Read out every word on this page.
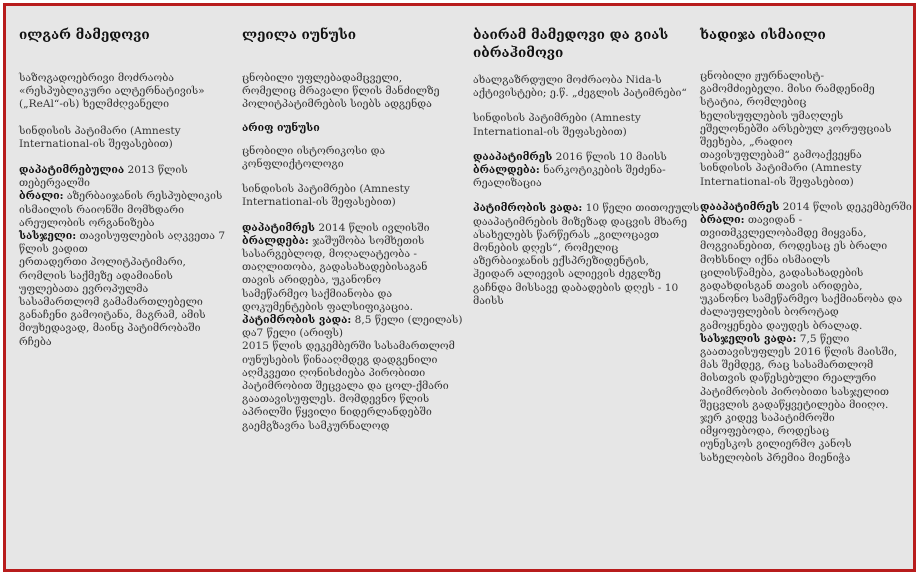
ილგარ მამედოვი

საზოგადოებრივი მოძრაობა
«რესპუბლიკური ალტერნატივის»
(„ReAl“-ის) ხელმძღვანელი

სინდისის პატიმარი (Amnesty
International-ის შეფასებით)

დაპატიმრებულია 2013 წლის
თებერვალში

ბრალი: აზერბაიჯანის რესპუბლიკის
ისმაილის რაიონში მომხდარი
არეულობის ორგანიზება

სასჯელი: თავისუფლების აღკვეთა 7
წლის ვადით
ერთადერთი პოლიტპატიმარი,
რომლის საქმეზე ადამიანის
უფლებათა ევროპულმა
სასამართლომ გამამართლებელი
განაჩენი გამოიტანა, მაგრამ, ამის
მიუხედავად, მაინც პატიმრობაში
რჩება

ლეილა იუნუსი

ცნობილი უფლებადამცველი,
რომელიც მრავალი წლის მანძილზე
პოლიტპატიმრების სიებს ადგენდა

არიფ იუნუსი

ცნობილი ისტორიკოსი და
კონფლიქტოლოგი

სინდისის პატიმრები (Amnesty
International-ის შეფასებით)

დაპატიმრეს 2014 წლის ივლისში
ბრალდება: ჯაშუშობა სომხეთის
სასარგებლოდ, მოღალატეობა -
თაღლითობა, გადასახადებისაგან
თავის არიდება, უკანონო
სამეწარმეო საქმიანობა და
დოკუმენტების ფალსიფიკაცია.
პატიმრობის ვადა: 8,5 წელი (ლეილას)
და7 წელი (არიფს)
2015 წლის დეკემბერში სასამართლომ
იუნუსების წინააღმდეგ დადგენილი
აღმკვეთი ღონისძიება პირობითი
პატიმრობით შეცვალა და ცოლ-ქმარი
გაათავისუფლეს. მომდევნო წლის
აპრილში წყვილი ნიდერლანდებში
გაემგზავრა სამკურნალოდ

ბაირამ მამედოვი და გიას
იბრაჰიმოვი

ახალგაზრდული მოძრაობა Nida-ს
აქტივისტები; ე.წ. „ძეგლის პატიმრები“

სინდისის პატიმრები (Amnesty
International-ის შეფასებით)

დააპატიმრეს 2016 წლის 10 მაისს
ბრალდება: ნარკოტიკების შეძენა-
რეალიზაცია

პატიმრობის ვადა: 10 წელი თითოეულს
დააპატიმრების მიზეზად დაცვის მხარე
ასახელებს წარწერას „გილოცავთ
მონების დღეს“, რომელიც
აზერბაიჯანის ექსპრეზიდენტის,
ჰეიდარ ალიევის ალიევის ძეგლზე
გაჩნდა მისსავე დაბადების დღეს - 10
მაისს

ხადიჯა ისმაილი

ცნობილი ჟურნალისტ-
გამომძიებელი. მისი რამდენიმე
სტატია, რომლებიც
ხელისუფლების უმაღლეს
ეშელონებში არსებულ კორუფციას
შეეხება, „რადიო
თავისუფლებამ“ გამოაქვეყნა
სინდისის პატიმარი (Amnesty
International-ის შეფასებით)

დააპატიმრეს 2014 წლის დეკემბერში
ბრალი: თავიდან -
თვითმკვლელობამდე მიყვანა,
მოგვიანებით, როდესაც ეს ბრალი
მოხსნილ იქნა ისმაილს
ცილისწამება, გადასახადების
გადახდისგან თავის არიდება,
უკანონო სამეწარმეო საქმიანობა და
ძალაუფლების ბოროტად
გამოყენება დაუდეს ბრალად.
სასჯელის ვადა: 7,5 წელი
გაათავისუფლეს 2016 წლის მაისში,
მას შემდეგ, რაც სასამართლომ
მისთვის დაწესებული რეალური
პატიმრობის პირობითი სასჯელით
შეცვლის გადაწყვეტილება მიიღო.
ჯერ კიდევ საპატიმროში
იმყოფებოდა, როდესაც
იუნესკოს გილიერმო კანოს
სახელობის პრემია მიენიჭა
